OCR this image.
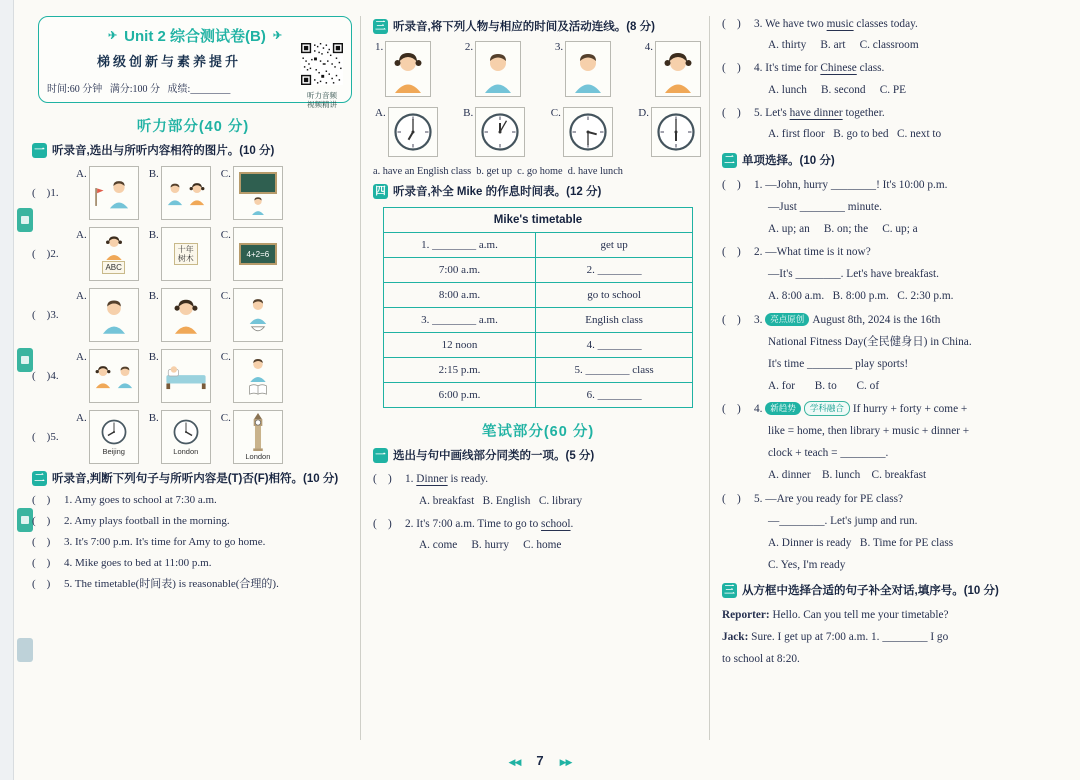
✈ Unit 2 综合测试卷(B) ✈
梯级创新与素养提升
时间:60 分钟   满分:100 分   成绩:________
听力音频
视频精讲
听力部分(40 分)
一 听录音,选出与所听内容相符的图片。(10 分)
(    )1.
A.	B.	C.
(    )2.
A.
ABC
B.
十年树木
C.
4+2=6
(    )3.
A.	B.	C.
(    )4.
A.	B.	C.
(    )5.
A.
Beijing
B.
London
C.
London
二 听录音,判断下列句子与所听内容是(T)否(F)相符。(10 分)
(    )	1. Amy goes to school at 7:30 a.m.
(    )	2. Amy plays football in the morning.
(    )	3. It's 7:00 p.m. It's time for Amy to go home.
(    )	4. Mike goes to bed at 11:00 p.m.
(    )	5. The timetable(时间表) is reasonable(合理的).
三 听录音,将下列人物与相应的时间及活动连线。(8 分)
1.	2.	3.	4.
A.	B.	C.	D.
a. have an English class  b. get up  c. go home  d. have lunch
四 听录音,补全 Mike 的作息时间表。(12 分)
Mike's timetable	
1. ________ a.m.	get up
7:00 a.m.	2. ________
8:00 a.m.	go to school
3. ________ a.m.	English class
12 noon	4. ________
2:15 p.m.	5. ________ class
6:00 p.m.	6. ________
笔试部分(60 分)
一 选出与句中画线部分同类的一项。(5 分)
(    )	1. Dinner is ready.
A. breakfast   B. English   C. library
(    )	2. It's 7:00 a.m. Time to go to school.
A. come     B. hurry     C. home
(    )	3. We have two music classes today.
A. thirty     B. art     C. classroom
(    )	4. It's time for Chinese class.
A. lunch     B. second     C. PE
(    )	5. Let's have dinner together.
A. first floor   B. go to bed   C. next to
二 单项选择。(10 分)
(    )	1. —John, hurry ________! It's 10:00 p.m.
—Just ________ minute.
A. up; an     B. on; the     C. up; a
(    )	2. —What time is it now?
—It's ________. Let's have breakfast.
A. 8:00 a.m.   B. 8:00 p.m.   C. 2:30 p.m.
(    )	3. 亮点原创 August 8th, 2024 is the 16th
National Fitness Day(全民健身日) in China.
It's time ________ play sports!
A. for       B. to       C. of
(    )	4. 新趋势 学科融合 If hurry + forty + come +
like = home, then library + music + dinner +
clock + teach = ________.
A. dinner    B. lunch    C. breakfast
(    )	5. —Are you ready for PE class?
—________. Let's jump and run.
A. Dinner is ready   B. Time for PE class
C. Yes, I'm ready
三 从方框中选择合适的句子补全对话,填序号。(10 分)
Reporter: Hello. Can you tell me your timetable?
Jack: Sure. I get up at 7:00 a.m. 1. ________ I go
to school at 8:20.
◀◀ 7 ▶▶
